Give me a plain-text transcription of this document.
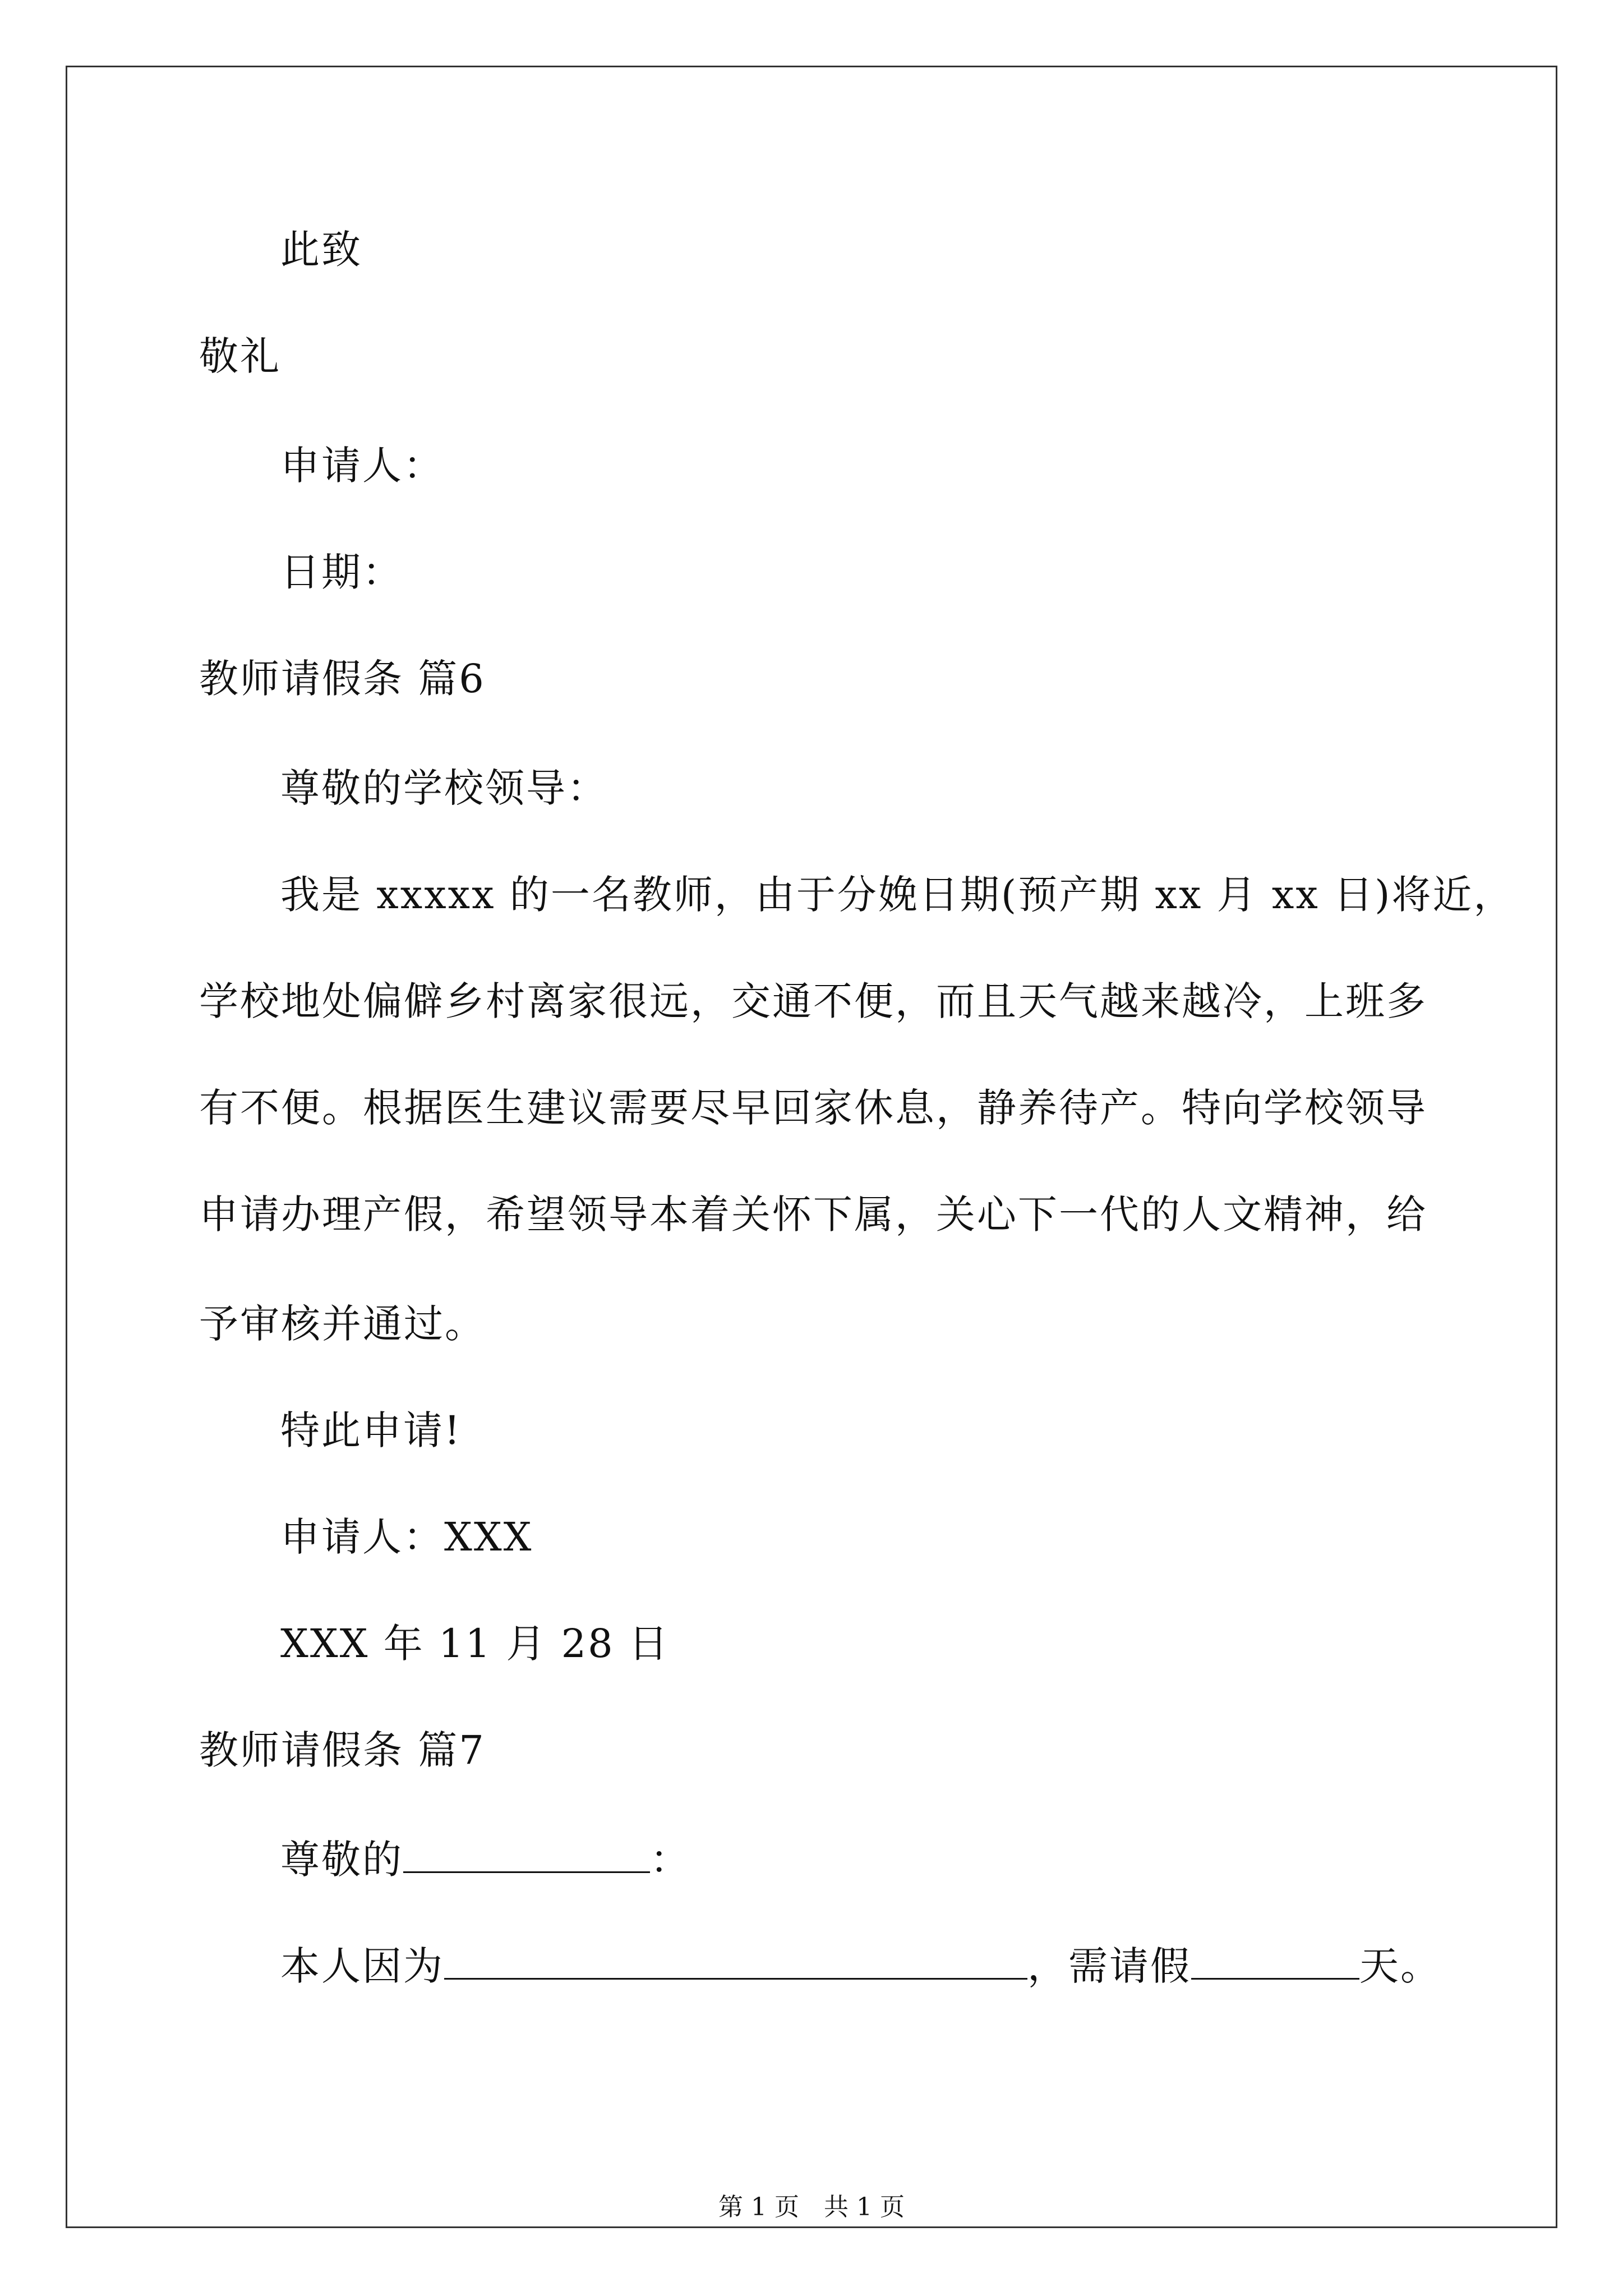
此致
敬礼
申请人：
日期：
教师请假条 篇6
尊敬的学校领导：
我是 xxxxx 的一名教师，由于分娩日期(预产期 xx 月 xx 日)将近，
学校地处偏僻乡村离家很远，交通不便，而且天气越来越冷，上班多
有不便。根据医生建议需要尽早回家休息，静养待产。特向学校领导
申请办理产假，希望领导本着关怀下属，关心下一代的人文精神，给
予审核并通过。
特此申请!
申请人：XXX
XXX 年 11 月 28 日
教师请假条 篇7
尊敬的	：
本人因为	，需请假	天。
第 1 页　共 1 页
